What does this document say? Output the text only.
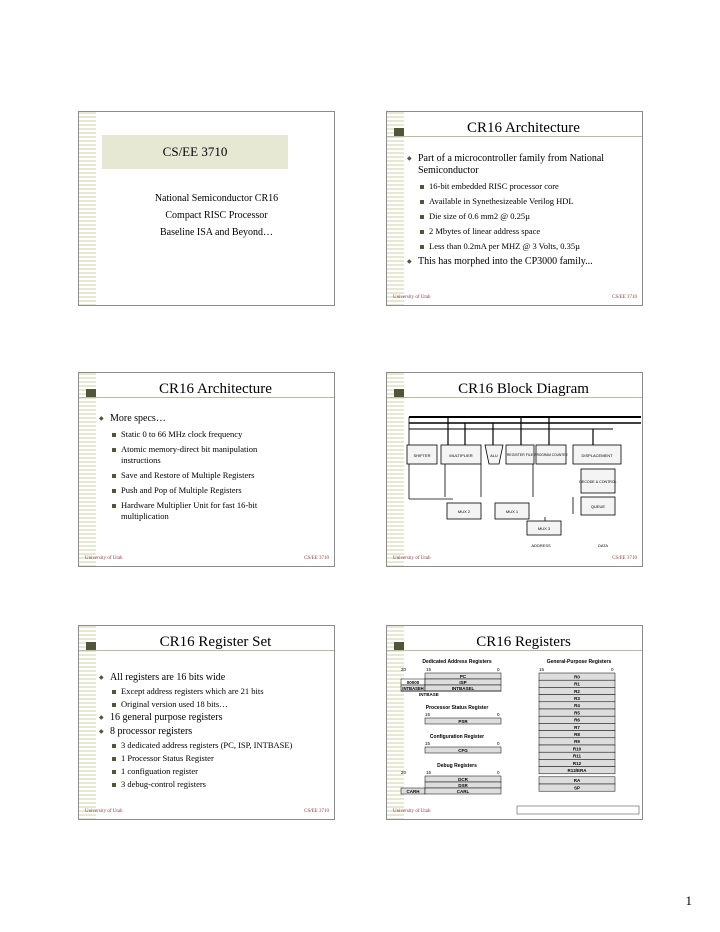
CS/EE 3710
National Semiconductor CR16
Compact RISC Processor
Baseline ISA and Beyond…
CR16 Architecture
◆ Part of a microcontroller family from National Semiconductor
16-bit embedded RISC processor core
Available in Synethesizeable Verilog HDL
Die size of 0.6 mm2 @ 0.25µ
2 Mbytes of linear address space
Less than 0.2mA per MHZ @ 3 Volts, 0.35µ
◆ This has morphed into the CP3000 family...
University of Utah	CS/EE 3710
CR16 Architecture
◆ More specs…
Static 0 to 66 MHz clock frequency
Atomic memory-direct bit manipulation instructions
Save and Restore of Multiple Registers
Push and Pop of Multiple Registers
Hardware Multiplier Unit for fast 16-bit multiplication
University of Utah	CS/EE 3710
CR16 Block Diagram
SHIFTER	MULTIPLIER	ALU	REGISTER FILE PROGRAM COUNTER	DISPLACEMENT
DECODE & CONTROL
QUEUE
MUX 2	MUX 1
MUX 3
ADDRESS	DATA
University of Utah	CS/EE 3710
CR16 Register Set
◆ All registers are 16 bits wide
Except address registers which are 21 bits
Original version used 18 bits…
◆ 16 general purpose registers
◆ 8 processor registers
3 dedicated address registers (PC, ISP, INTBASE)
1 Processor Status Register
1 configuation register
3 debug-control registers
University of Utah	CS/EE 3710
CR16 Registers
Dedicated Address Registers
20	15	0
PC
00000	ISP
INTBASEH	INTBASEL
INTBASE
Processor Status Register
15	0
PSR
Configuration Register
15	0
CFG
Debug Registers
20	15	0
DCR
DSR
CARL
CARH
General-Purpose Registers
15	0
R0
R1
R2
R3
R4
R5
R6
R7
R8
R9
R10
R11
R12
R13/ERA
RA
SP
University of Utah
1
